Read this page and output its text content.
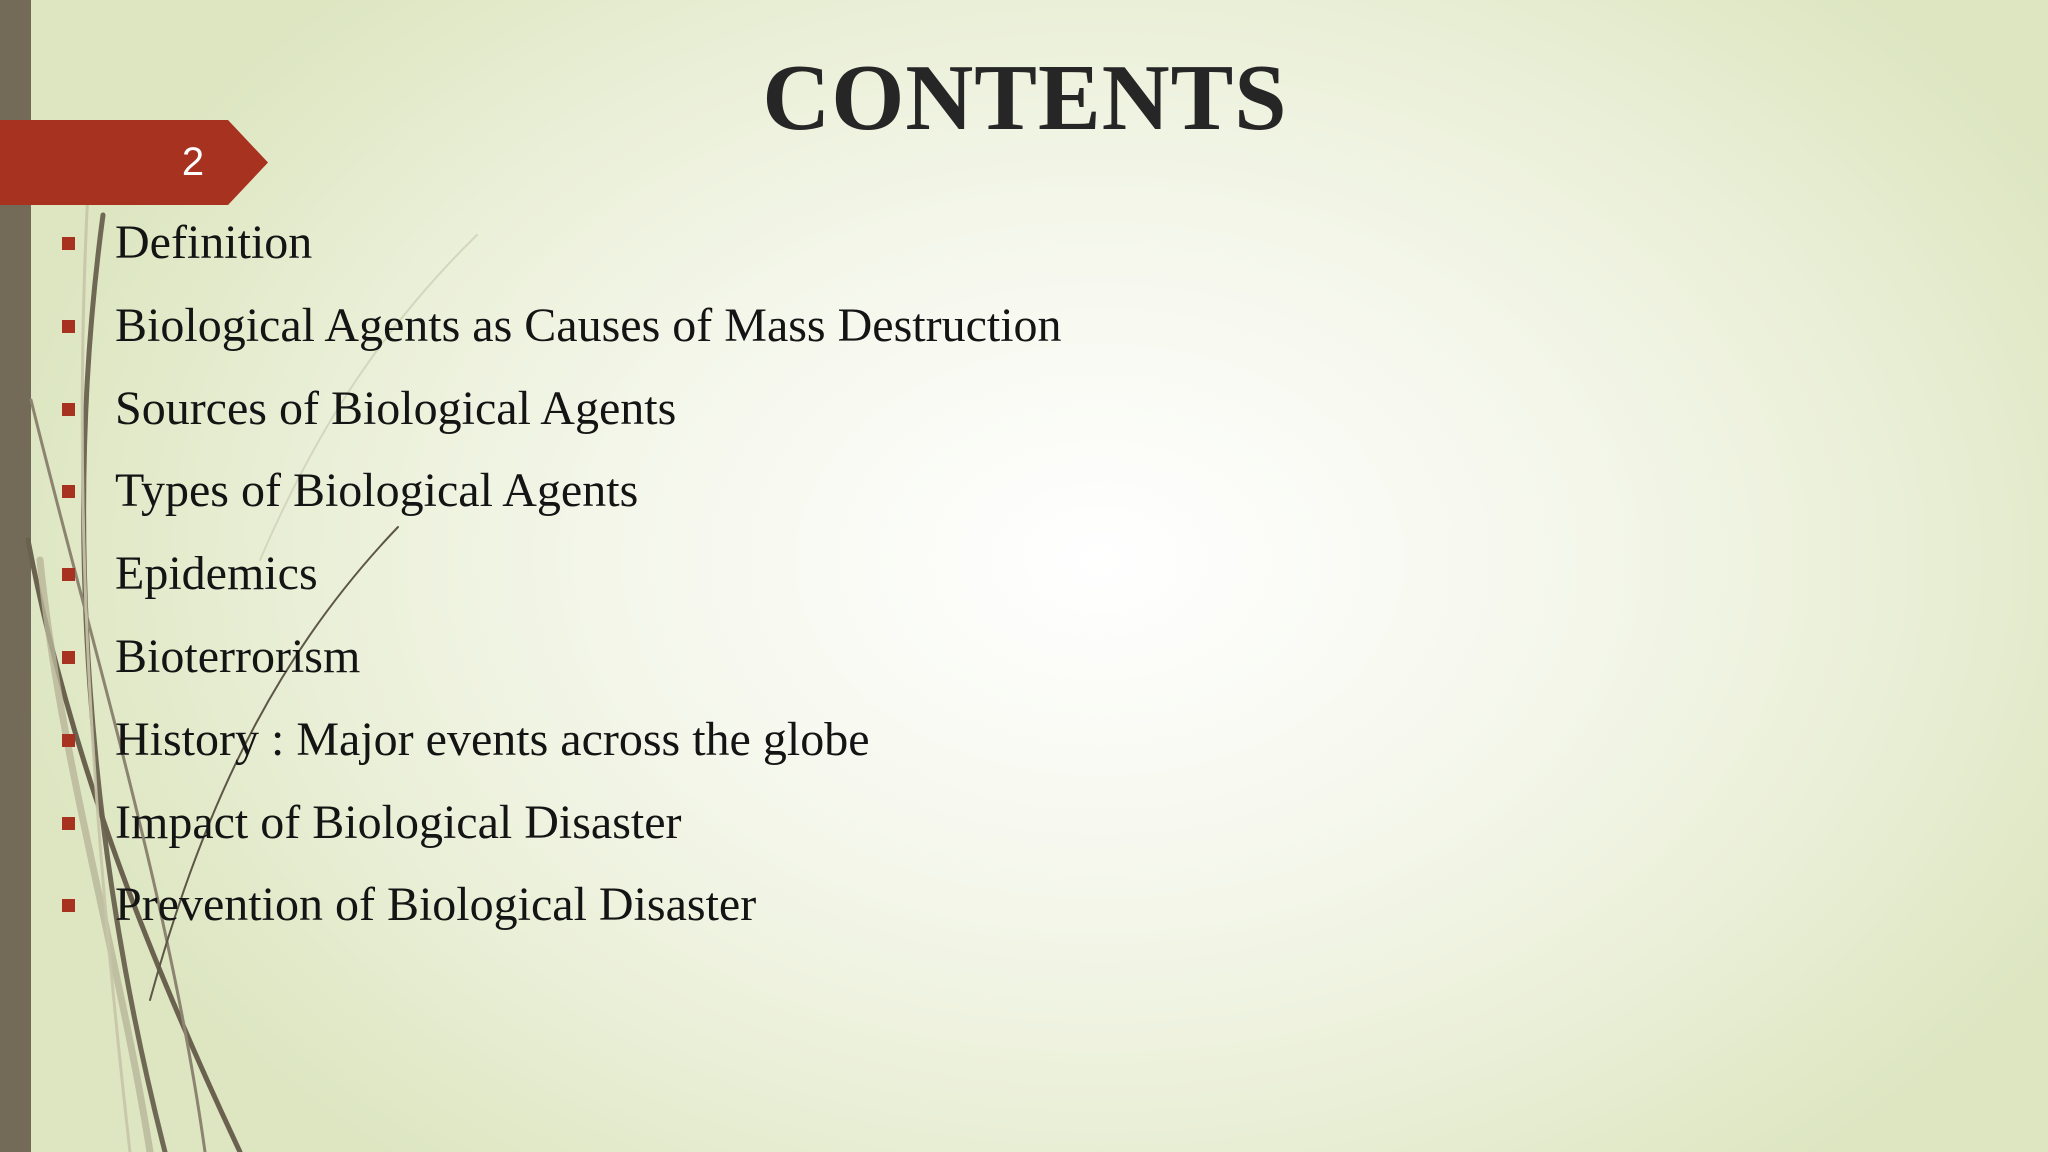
2
CONTENTS
Definition
Biological Agents as Causes of Mass Destruction
Sources of Biological Agents
Types of Biological Agents
Epidemics
Bioterrorism
History : Major events across the globe
Impact of Biological Disaster
Prevention of Biological Disaster
